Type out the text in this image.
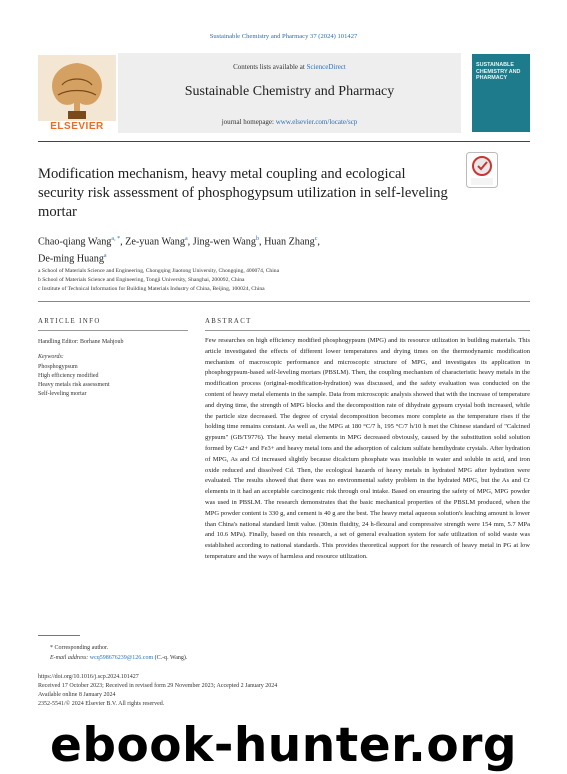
Sustainable Chemistry and Pharmacy 37 (2024) 101427
Contents lists available at ScienceDirect
Sustainable Chemistry and Pharmacy
journal homepage: www.elsevier.com/locate/scp
ELSEVIER
SUSTAINABLE CHEMISTRY AND PHARMACY
Modification mechanism, heavy metal coupling and ecological security risk assessment of phosphogypsum utilization in self-leveling mortar
Chao-qiang Wang$^{a, *}$, Ze-yuan Wang$^a$, Jing-wen Wang$^b$, Huan Zhang$^c$,
De-ming Huang$^a$
a School of Materials Science and Engineering, Chongqing Jiaotong University, Chongqing, 400074, China
b School of Materials Science and Engineering, Tongji University, Shanghai, 200092, China
c Institute of Technical Information for Building Materials Industry of China, Beijing, 100024, China
ARTICLE INFO
Handling Editor: Borhane Mahjoub
Keywords:
Phosphogypsum
High efficiency modified
Heavy metals risk assessment
Self-leveling mortar
ABSTRACT
Few researches on high efficiency modified phosphogypsum (MPG) and its resource utilization in building materials. This article investigated the effects of different lower temperatures and drying times on the thermodynamic modification mechanism of macroscopic performance and microscopic structure of MPG, and investigates its application in phosphogypsum-based self-leveling mortars (PBSLM). Then, the coupling mechanism of characteristic heavy metals in the modification process (original-modification-hydration) was discussed, and the safety evaluation was conducted on the content of heavy metal elements in the sample. Data from microscopic analysis showed that with the increase of temperature and drying time, the strength of MPG blocks and the decomposition rate of dihydrate gypsum crystal both increased, while the particle size decreased. The degree of crystal decomposition becomes more complete as the temperature rises if the holding time remains constant. As well as, the MPG at 180 °C/7 h, 195 °C/7 h/10 h met the Chinese standard of "Calcined gypsum" (GB/T9776). The heavy metal elements in MPG decreased obviously, caused by the substitution solid solution formed by Ca2+ and Fe3+ and heavy metal ions and the adsorption of calcium sulfate hemihydrate crystals. After hydration of MPG, As and Cd increased slightly because dicalcium phosphate was insoluble in water and soluble in acid, and iron oxide reduced and dissolved Cd. Then, the ecological hazards of heavy metals in hydrated MPG after hydration were evaluated. The results showed that there was no environmental safety problem in the hydrated MPG, but the As and Cr elements in it had an acceptable carcinogenic risk through oral intake. Based on ensuring the safety of MPG, MPG powder was used in PBSLM. The research demonstrates that the basic mechanical properties of the PBSLM produced, when the MPG powder content is 330 g, and cement is 40 g are the best. The heavy metal aqueous solution's leaching amount is lower than China's national standard limit value. (30min fluidity, 24 h-flexural and compressive strength were 154 mm, 5.7 MPa and 10.6 MPa). Finally, based on this research, a set of general evaluation system for safe utilization of solid waste was established according to national standards. This provides theoretical support for the research of heavy metal in PG at low temperature and the ways of harmless and resource utilization.
* Corresponding author.
E-mail address: wcq598676239@126.com (C.-q. Wang).
https://doi.org/10.1016/j.scp.2024.101427
Received 17 October 2023; Received in revised form 29 November 2023; Accepted 2 January 2024
Available online 8 January 2024
2352-5541/© 2024 Elsevier B.V. All rights reserved.
ebook-hunter.org
